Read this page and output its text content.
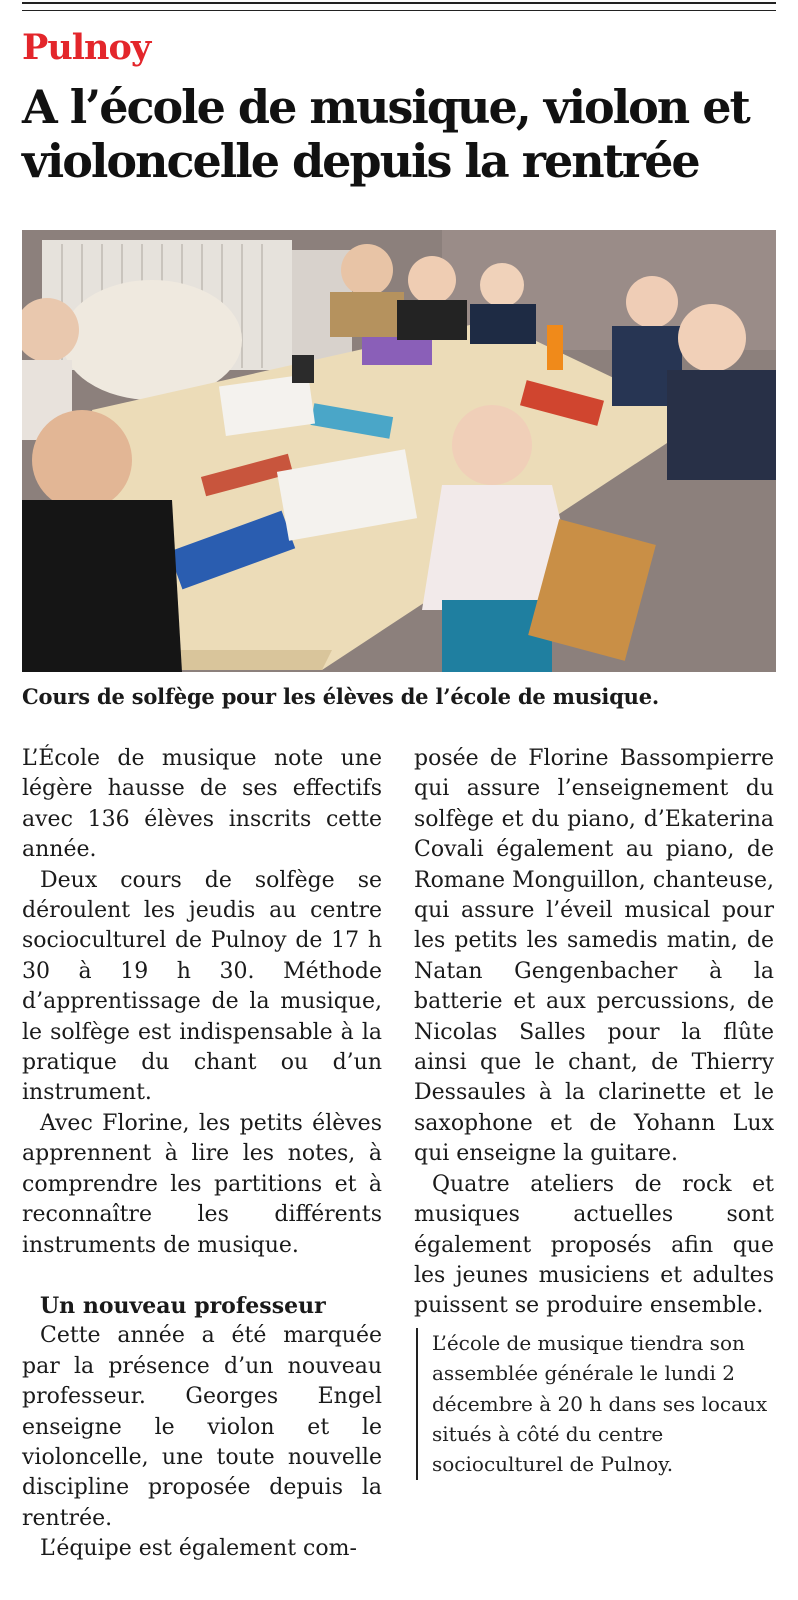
Pulnoy
A l’école de musique, violon et violoncelle depuis la rentrée
Cours de solfège pour les élèves de l’école de musique.

L’École de musique note une légère hausse de ses effectifs avec 136 élèves inscrits cette année.

Deux cours de solfège se déroulent les jeudis au centre socioculturel de Pulnoy de 17 h 30 à 19 h 30. Méthode d’apprentissage de la musique, le solfège est indispensable à la pratique du chant ou d’un instrument.

Avec Florine, les petits élèves apprennent à lire les notes, à comprendre les partitions et à reconnaître les différents instruments de musique.

Un nouveau professeur

Cette année a été marquée par la présence d’un nouveau professeur. Georges Engel enseigne le violon et le violoncelle, une toute nouvelle discipline proposée depuis la rentrée.

L’équipe est également com-

posée de Florine Bassompierre qui assure l’enseignement du solfège et du piano, d’Ekaterina Covali également au piano, de Romane Monguillon, chanteuse, qui assure l’éveil musical pour les petits les samedis matin, de Natan Gengenbacher à la batterie et aux percussions, de Nicolas Salles pour la flûte ainsi que le chant, de Thierry Dessaules à la clarinette et le saxophone et de Yohann Lux qui enseigne la guitare.

Quatre ateliers de rock et musiques actuelles sont également proposés afin que les jeunes musiciens et adultes puissent se produire ensemble.

L’école de musique tiendra son assemblée générale le lundi 2 décembre à 20 h dans ses locaux situés à côté du centre socioculturel de Pulnoy.
